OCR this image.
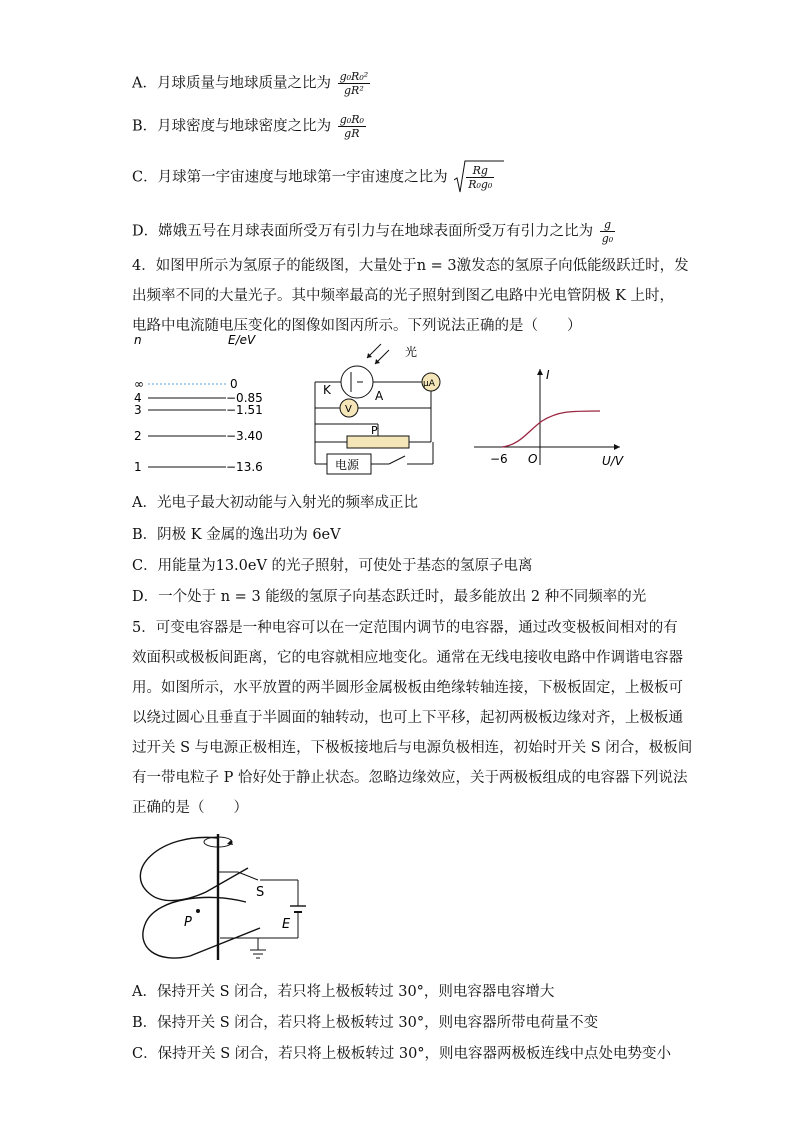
A．月球质量与地球质量之比为 $\frac{\text{g₀R₀²}}{\text{gR²}}$
B．月球密度与地球密度之比为 $\frac{\text{g₀R₀}}{gR}$
C．月球第一宇宙速度与地球第一宇宙速度之比为 $\frac{Rg}{\text{R₀g₀}}$
D．嫦娥五号在月球表面所受万有引力与在地球表面所受万有引力之比为 $\frac{g}{\text{g₀}}$
4．如图甲所示为氢原子的能级图，大量处于n = 3激发态的氢原子向低能级跃迁时，发
出频率不同的大量光子。其中频率最高的光子照射到图乙电路中光电管阴极 K 上时，
电路中电流随电压变化的图像如图丙所示。下列说法正确的是（　　）
n	E/eV
∞	0
4	−0.85
3	−1.51
2	−3.40
1	−13.6
光
K	A
μA
V
P
电源
I
U/V
O
−6
A．光电子最大初动能与入射光的频率成正比
B．阴极 K 金属的逸出功为 6eV
C．用能量为13.0eV 的光子照射，可使处于基态的氢原子电离
D．一个处于 n = 3 能级的氢原子向基态跃迁时，最多能放出 2 种不同频率的光
5．可变电容器是一种电容可以在一定范围内调节的电容器，通过改变极板间相对的有
效面积或极板间距离，它的电容就相应地变化。通常在无线电接收电路中作调谐电容器
用。如图所示，水平放置的两半圆形金属极板由绝缘转轴连接，下极板固定，上极板可
以绕过圆心且垂直于半圆面的轴转动，也可上下平移，起初两极板边缘对齐，上极板通
过开关 S 与电源正极相连，下极板接地后与电源负极相连，初始时开关 S 闭合，极板间
有一带电粒子 P 恰好处于静止状态。忽略边缘效应，关于两极板组成的电容器下列说法
正确的是（　　）
S
E
P
A．保持开关 S 闭合，若只将上极板转过 30°，则电容器电容增大
B．保持开关 S 闭合，若只将上极板转过 30°，则电容器所带电荷量不变
C．保持开关 S 闭合，若只将上极板转过 30°，则电容器两极板连线中点处电势变小
